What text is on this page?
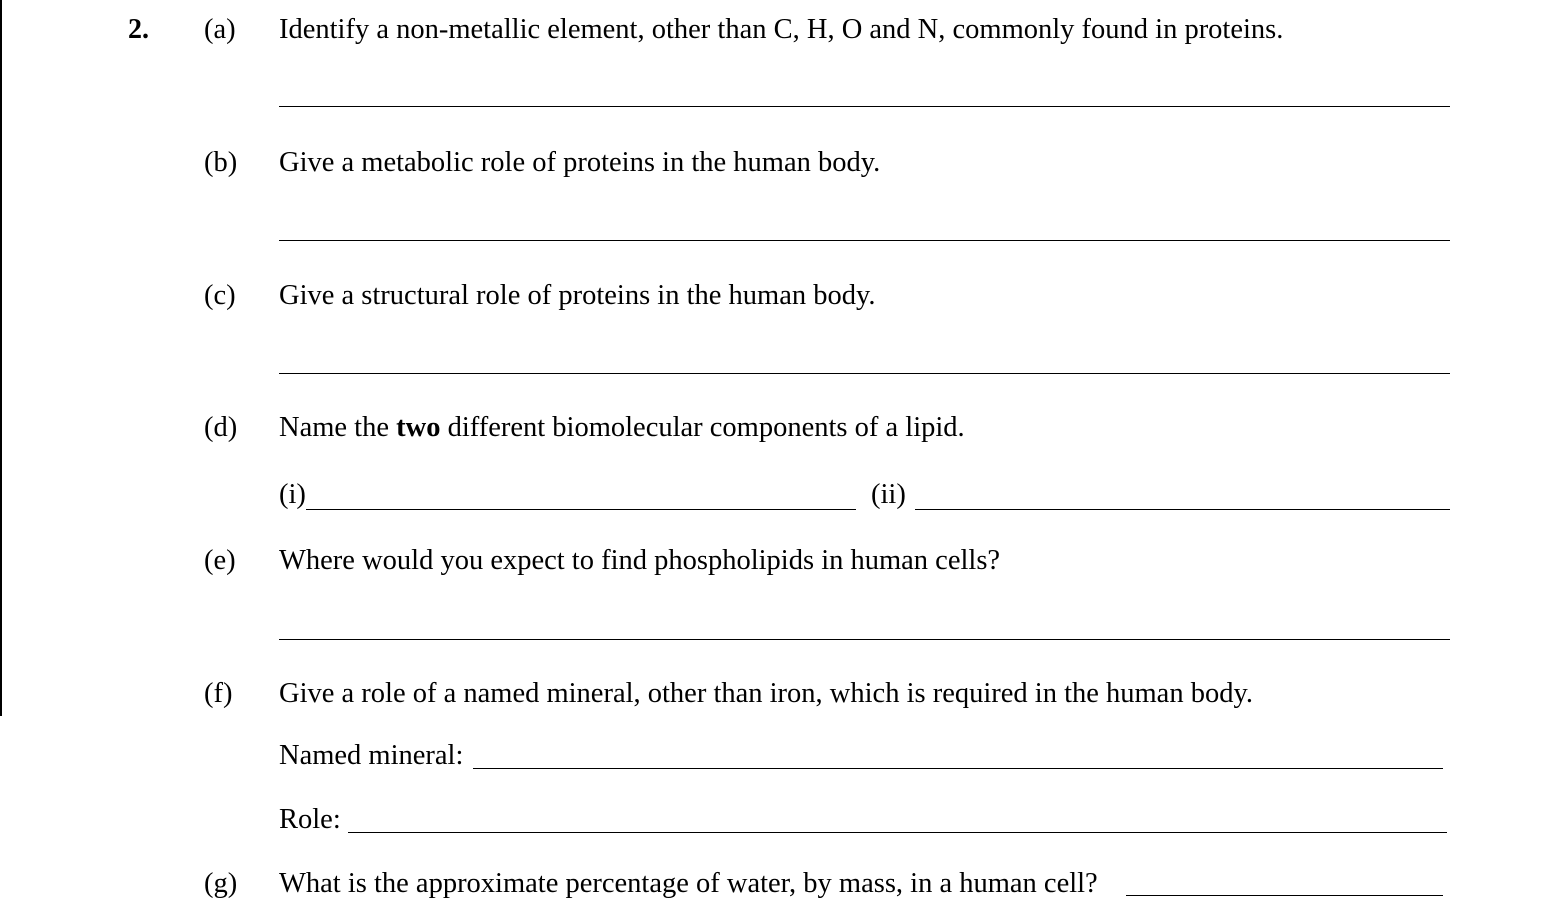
2. (a) Identify a non-metallic element, other than C, H, O and N, commonly found in proteins.
(b) Give a metabolic role of proteins in the human body.
(c) Give a structural role of proteins in the human body.
(d) Name the two different biomolecular components of a lipid.
(i)	(ii)
(e) Where would you expect to find phospholipids in human cells?
(f) Give a role of a named mineral, other than iron, which is required in the human body.
Named mineral:
Role:
(g) What is the approximate percentage of water, by mass, in a human cell?
